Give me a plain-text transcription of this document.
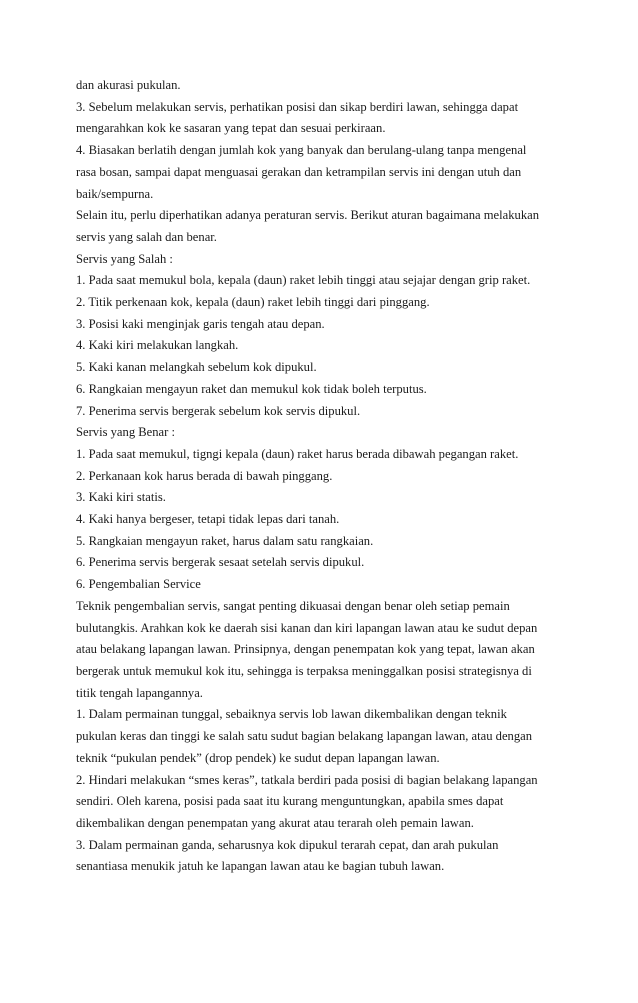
dan akurasi pukulan.

3. Sebelum melakukan servis, perhatikan posisi dan sikap berdiri lawan, sehingga dapat

mengarahkan kok ke sasaran yang tepat dan sesuai perkiraan.

4. Biasakan berlatih dengan jumlah kok yang banyak dan berulang-ulang tanpa mengenal

rasa bosan, sampai dapat menguasai gerakan dan ketrampilan servis ini dengan utuh dan

baik/sempurna.

Selain itu, perlu diperhatikan adanya peraturan servis. Berikut aturan bagaimana melakukan

servis yang salah dan benar.

Servis yang Salah :

1. Pada saat memukul bola, kepala (daun) raket lebih tinggi atau sejajar dengan grip raket.

2. Titik perkenaan kok, kepala (daun) raket lebih tinggi dari pinggang.

3. Posisi kaki menginjak garis tengah atau depan.

4. Kaki kiri melakukan langkah.

5. Kaki kanan melangkah sebelum kok dipukul.

6. Rangkaian mengayun raket dan memukul kok tidak boleh terputus.

7. Penerima servis bergerak sebelum kok servis dipukul.

Servis yang Benar :

1. Pada saat memukul, tigngi kepala (daun) raket harus berada dibawah pegangan raket.

2. Perkanaan kok harus berada di bawah pinggang.

3. Kaki kiri statis.

4. Kaki hanya bergeser, tetapi tidak lepas dari tanah.

5. Rangkaian mengayun raket, harus dalam satu rangkaian.

6. Penerima servis bergerak sesaat setelah servis dipukul.

6. Pengembalian Service

Teknik pengembalian servis, sangat penting dikuasai dengan benar oleh setiap pemain

bulutangkis. Arahkan kok ke daerah sisi kanan dan kiri lapangan lawan atau ke sudut depan

atau belakang lapangan lawan. Prinsipnya, dengan penempatan kok yang tepat, lawan akan

bergerak untuk memukul kok itu, sehingga is terpaksa meninggalkan posisi strategisnya di

titik tengah lapangannya.

1. Dalam permainan tunggal, sebaiknya servis lob lawan dikembalikan dengan teknik

pukulan keras dan tinggi ke salah satu sudut bagian belakang lapangan lawan, atau dengan

teknik “pukulan pendek” (drop pendek) ke sudut depan lapangan lawan.

2. Hindari melakukan “smes keras”, tatkala berdiri pada posisi di bagian belakang lapangan

sendiri. Oleh karena, posisi pada saat itu kurang menguntungkan, apabila smes dapat

dikembalikan dengan penempatan yang akurat atau terarah oleh pemain lawan.

3. Dalam permainan ganda, seharusnya kok dipukul terarah cepat, dan arah pukulan

senantiasa menukik jatuh ke lapangan lawan atau ke bagian tubuh lawan.
